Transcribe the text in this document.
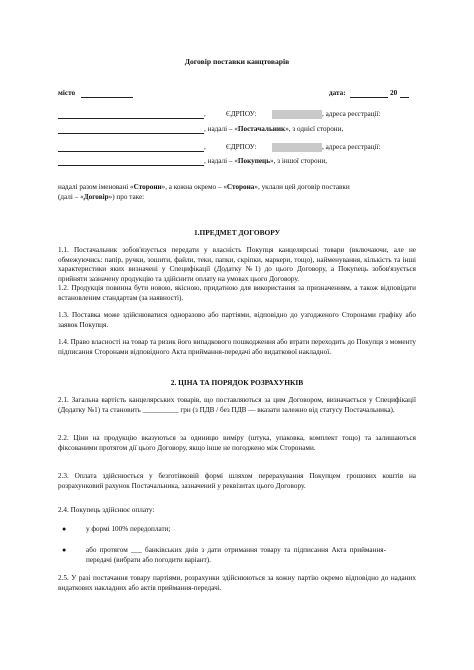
Договір поставки канцтоварів
місто	дата:	20
,	ЄДРПОУ:	, адреса реєстрації:
, надалі – «Постачальник», з однієї сторони,
,	ЄДРПОУ:	, адреса реєстрації:
, надалі – «Покупець», з іншої сторони,
надалі разом іменовані «Сторони», а кожна окремо – «Сторона», уклали цей договір поставки
(далі – «Договір») про таке:
1.ПРЕДМЕТ ДОГОВОРУ
1.1. Постачальник зобов'язується передати у власність Покупця канцелярські товари (включаючи, але не обмежуючись: папір, ручки, зошити, файли, теки, папки, скріпки, маркери, тощо), найменування, кількість та інші характеристики яких визначені у Специфікації (Додатку №1) до цього Договору, а Покупець зобов'язується прийняти зазначену продукцію та здійснити оплату на умовах цього Договору.
1.2. Продукція повинна бути новою, якісною, придатною для використання за призначенням, а також відповідати встановленим стандартам (за наявності).
1.3. Поставка може здійснюватися одноразово або партіями, відповідно до узгодженого Сторонами графіку або заявок Покупця.
1.4. Право власності на товар та ризик його випадкового пошкодження або втрати переходить до Покупця з моменту підписання Сторонами відповідного Акта приймання-передачі або видаткової накладної.
2. ЦІНА ТА ПОРЯДОК РОЗРАХУНКІВ
2.1. Загальна вартість канцелярських товарів, що поставляються за цим Договором, визначається у Специфікації (Додатку №1) та становить __________ грн (з ПДВ / без ПДВ — вказати залежно від статусу Постачальника).
2.2. Ціни на продукцію вказуються за одиницю виміру (штука, упаковка, комплект тощо) та залишаються фіксованими протягом дії цього Договору, якщо інше не погоджено між Сторонами.
2.3. Оплата здійснюється у безготівковій формі шляхом перерахування Покупцем грошових коштів на розрахунковий рахунок Постачальника, зазначений у реквізитах цього Договору.
2.4. Покупець здійснює оплату:
●	у формі 100% передоплати;
●	або протягом ___ банківських днів з дати отримання товару та підписання Акта приймання-передачі (вибрати або погодити варіант).
2.5. У разі постачання товару партіями, розрахунки здійснюються за кожну партію окремо відповідно до наданих видаткових накладних або актів приймання-передачі.
